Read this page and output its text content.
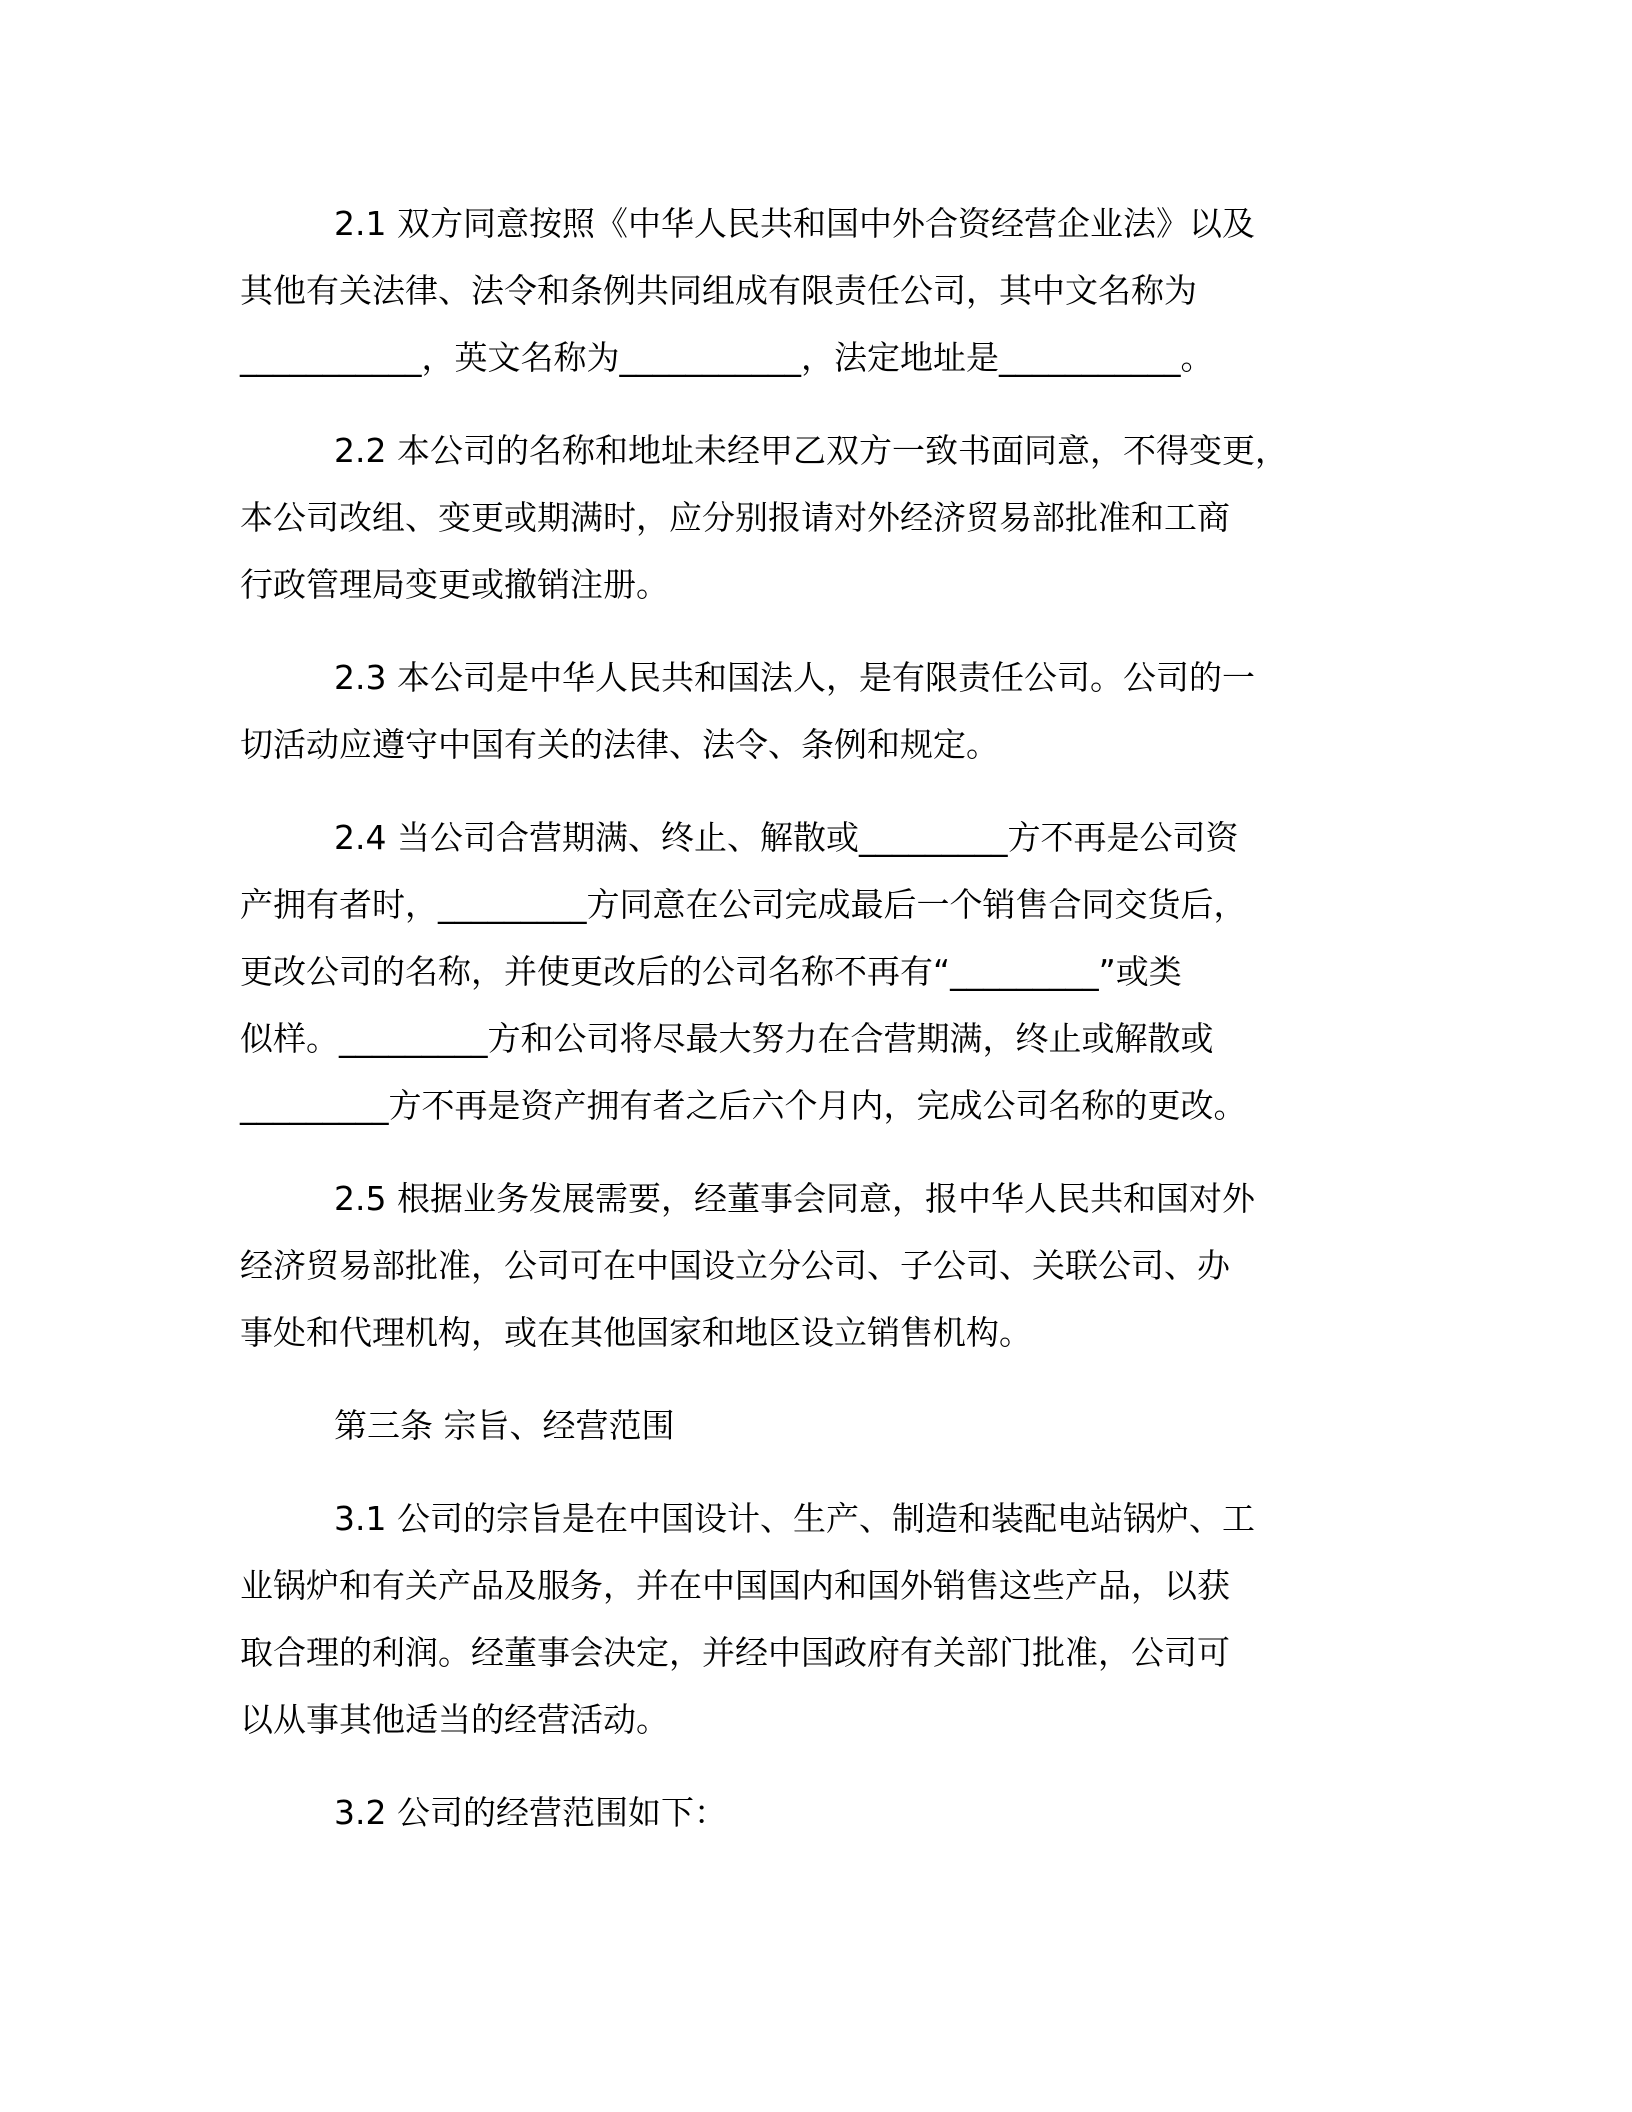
2.1 双方同意按照《中华人民共和国中外合资经营企业法》以及
其他有关法律、法令和条例共同组成有限责任公司，其中文名称为
___________，英文名称为___________，法定地址是___________。
2.2 本公司的名称和地址未经甲乙双方一致书面同意，不得变更，
本公司改组、变更或期满时，应分别报请对外经济贸易部批准和工商
行政管理局变更或撤销注册。
2.3 本公司是中华人民共和国法人，是有限责任公司。公司的一
切活动应遵守中国有关的法律、法令、条例和规定。
2.4 当公司合营期满、终止、解散或_________方不再是公司资
产拥有者时，_________方同意在公司完成最后一个销售合同交货后，
更改公司的名称，并使更改后的公司名称不再有“_________”或类
似样。_________方和公司将尽最大努力在合营期满，终止或解散或
_________方不再是资产拥有者之后六个月内，完成公司名称的更改。
2.5 根据业务发展需要，经董事会同意，报中华人民共和国对外
经济贸易部批准，公司可在中国设立分公司、子公司、关联公司、办
事处和代理机构，或在其他国家和地区设立销售机构。
第三条 宗旨、经营范围
3.1 公司的宗旨是在中国设计、生产、制造和装配电站锅炉、工
业锅炉和有关产品及服务，并在中国国内和国外销售这些产品，以获
取合理的利润。经董事会决定，并经中国政府有关部门批准，公司可
以从事其他适当的经营活动。
3.2 公司的经营范围如下：
